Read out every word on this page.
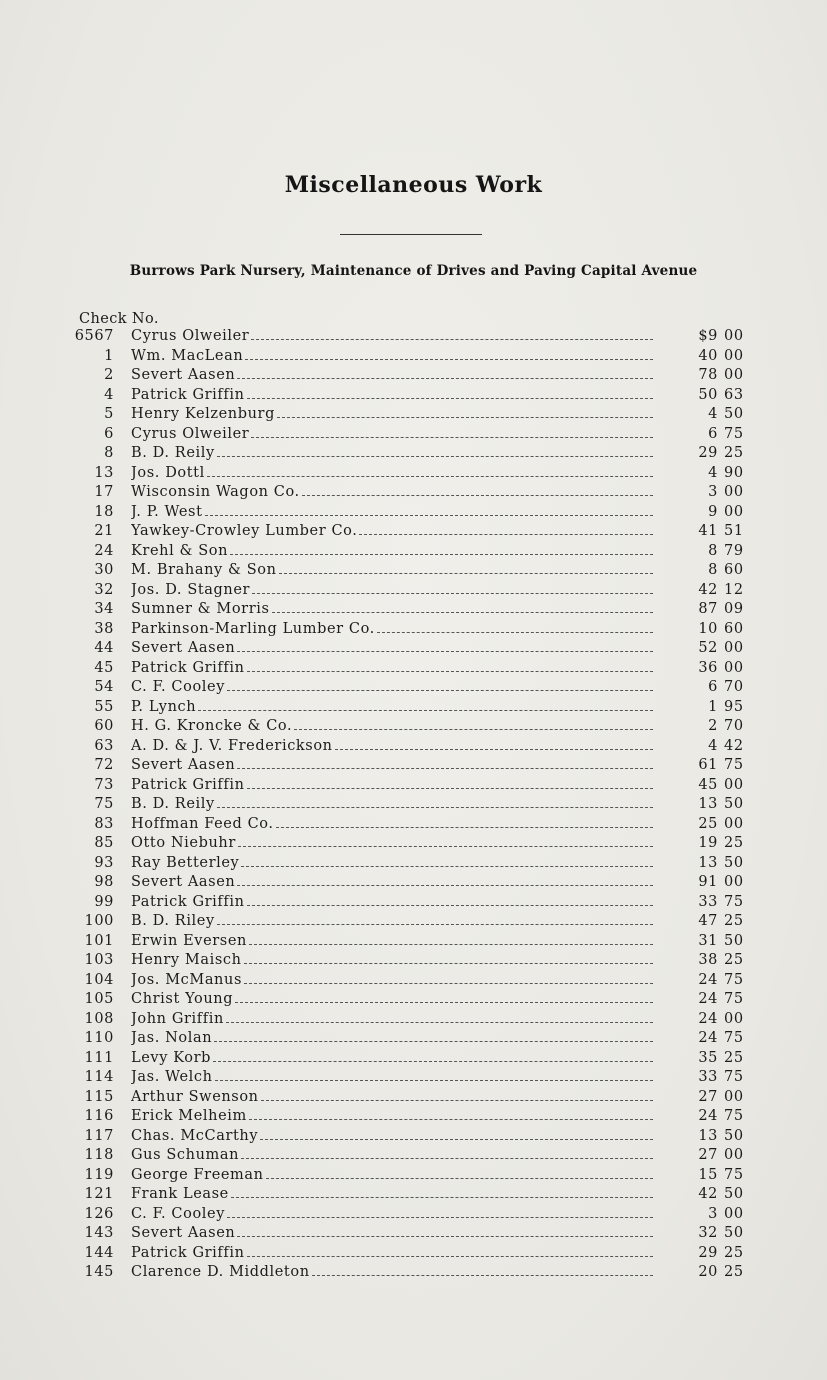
Miscellaneous Work
Burrows Park Nursery, Maintenance of Drives and Paving Capital Avenue
Check No.
6567 Cyrus Olweiler	$9 00
1 Wm. MacLean	40 00
2 Severt Aasen	78 00
4 Patrick Griffin	50 63
5 Henry Kelzenburg	4 50
6 Cyrus Olweiler	6 75
8 B. D. Reily	29 25
13 Jos. Dottl	4 90
17 Wisconsin Wagon Co.	3 00
18 J. P. West	9 00
21 Yawkey-Crowley Lumber Co.	41 51
24 Krehl & Son	8 79
30 M. Brahany & Son	8 60
32 Jos. D. Stagner	42 12
34 Sumner & Morris	87 09
38 Parkinson-Marling Lumber Co.	10 60
44 Severt Aasen	52 00
45 Patrick Griffin	36 00
54 C. F. Cooley	6 70
55 P. Lynch	1 95
60 H. G. Kroncke & Co.	2 70
63 A. D. & J. V. Frederickson	4 42
72 Severt Aasen	61 75
73 Patrick Griffin	45 00
75 B. D. Reily	13 50
83 Hoffman Feed Co.	25 00
85 Otto Niebuhr	19 25
93 Ray Betterley	13 50
98 Severt Aasen	91 00
99 Patrick Griffin	33 75
100 B. D. Riley	47 25
101 Erwin Eversen	31 50
103 Henry Maisch	38 25
104 Jos. McManus	24 75
105 Christ Young	24 75
108 John Griffin	24 00
110 Jas. Nolan	24 75
111 Levy Korb	35 25
114 Jas. Welch	33 75
115 Arthur Swenson	27 00
116 Erick Melheim	24 75
117 Chas. McCarthy	13 50
118 Gus Schuman	27 00
119 George Freeman	15 75
121 Frank Lease	42 50
126 C. F. Cooley	3 00
143 Severt Aasen	32 50
144 Patrick Griffin	29 25
145 Clarence D. Middleton	20 25
